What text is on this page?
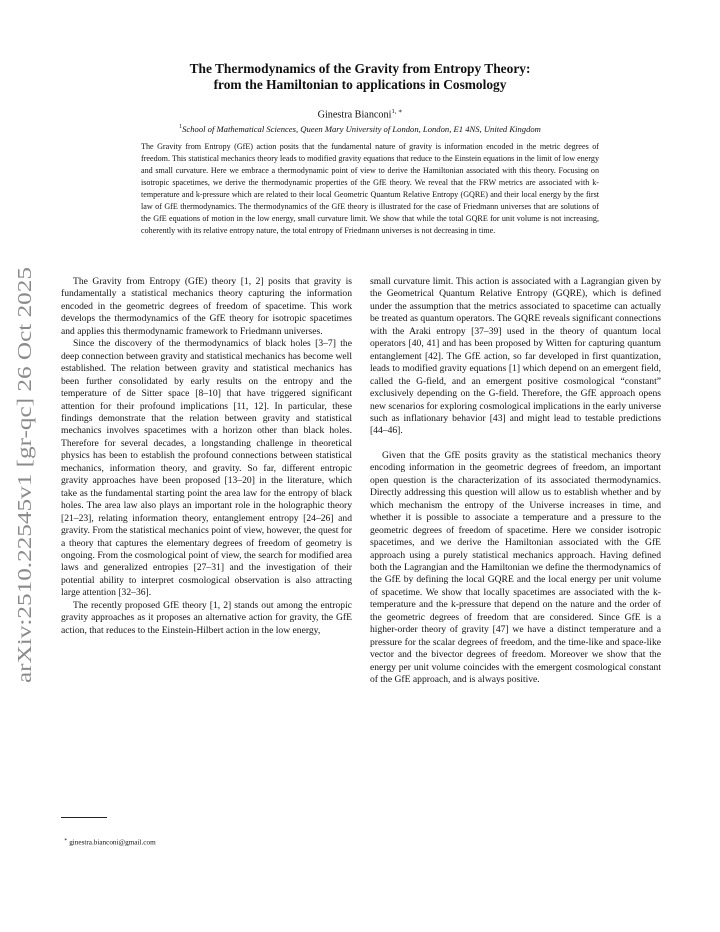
arXiv:2510.22545v1 [gr-qc] 26 Oct 2025
The Thermodynamics of the Gravity from Entropy Theory:
from the Hamiltonian to applications in Cosmology
Ginestra Bianconi$^{1, ∗}$
$^1$School of Mathematical Sciences, Queen Mary University of London, London, E1 4NS, United Kingdom

The Gravity from Entropy (GfE) action posits that the fundamental nature of gravity is information encoded in the metric degrees of freedom. This statistical mechanics theory leads to modified gravity equations that reduce to the Einstein equations in the limit of low energy and small curvature. Here we embrace a thermodynamic point of view to derive the Hamiltonian associated with this theory. Focusing on isotropic spacetimes, we derive the thermodynamic properties of the GfE theory. We reveal that the FRW metrics are associated with k-temperature and k-pressure which are related to their local Geometric Quantum Relative Entropy (GQRE) and their local energy by the first law of GfE thermodynamics. The thermodynamics of the GfE theory is illustrated for the case of Friedmann universes that are solutions of the GfE equations of motion in the low energy, small curvature limit. We show that while the total GQRE for unit volume is not increasing, coherently with its relative entropy nature, the total entropy of Friedmann universes is not decreasing in time.

The Gravity from Entropy (GfE) theory [1, 2] posits that gravity is fundamentally a statistical mechanics theory capturing the information encoded in the geometric degrees of freedom of spacetime. This work develops the thermodynamics of the GfE theory for isotropic spacetimes and applies this thermodynamic framework to Friedmann universes.

Since the discovery of the thermodynamics of black holes [3–7] the deep connection between gravity and statistical mechanics has become well established. The relation between gravity and statistical mechanics has been further consolidated by early results on the entropy and the temperature of de Sitter space [8–10] that have triggered significant attention for their profound implications [11, 12]. In particular, these findings demonstrate that the relation between gravity and statistical mechanics involves spacetimes with a horizon other than black holes. Therefore for several decades, a longstanding challenge in theoretical physics has been to establish the profound connections between statistical mechanics, information theory, and gravity. So far, different entropic gravity approaches have been proposed [13–20] in the literature, which take as the fundamental starting point the area law for the entropy of black holes. The area law also plays an important role in the holographic theory [21–23], relating information theory, entanglement entropy [24–26] and gravity. From the statistical mechanics point of view, however, the quest for a theory that captures the elementary degrees of freedom of geometry is ongoing. From the cosmological point of view, the search for modified area laws and generalized entropies [27–31] and the investigation of their potential ability to interpret cosmological observation is also attracting large attention [32–36].

The recently proposed GfE theory [1, 2] stands out among the entropic gravity approaches as it proposes an alternative action for gravity, the GfE action, that reduces to the Einstein-Hilbert action in the low energy,

small curvature limit. This action is associated with a Lagrangian given by the Geometrical Quantum Relative Entropy (GQRE), which is defined under the assumption that the metrics associated to spacetime can actually be treated as quantum operators. The GQRE reveals significant connections with the Araki entropy [37–39] used in the theory of quantum local operators [40, 41] and has been proposed by Witten for capturing quantum entanglement [42]. The GfE action, so far developed in first quantization, leads to modified gravity equations [1] which depend on an emergent field, called the G-field, and an emergent positive cosmological “constant” exclusively depending on the G-field. Therefore, the GfE approach opens new scenarios for exploring cosmological implications in the early universe such as inflationary behavior [43] and might lead to testable predictions [44–46].

Given that the GfE posits gravity as the statistical mechanics theory encoding information in the geometric degrees of freedom, an important open question is the characterization of its associated thermodynamics. Directly addressing this question will allow us to establish whether and by which mechanism the entropy of the Universe increases in time, and whether it is possible to associate a temperature and a pressure to the geometric degrees of freedom of spacetime. Here we consider isotropic spacetimes, and we derive the Hamiltonian associated with the GfE approach using a purely statistical mechanics approach. Having defined both the Lagrangian and the Hamiltonian we define the thermodynamics of the GfE by defining the local GQRE and the local energy per unit volume of spacetime. We show that locally spacetimes are associated with the k-temperature and the k-pressure that depend on the nature and the order of the geometric degrees of freedom that are considered. Since GfE is a higher-order theory of gravity [47] we have a distinct temperature and a pressure for the scalar degrees of freedom, and the time-like and space-like vector and the bivector degrees of freedom. Moreover we show that the energy per unit volume coincides with the emergent cosmological constant of the GfE approach, and is always positive.

∗ ginestra.bianconi@gmail.com
